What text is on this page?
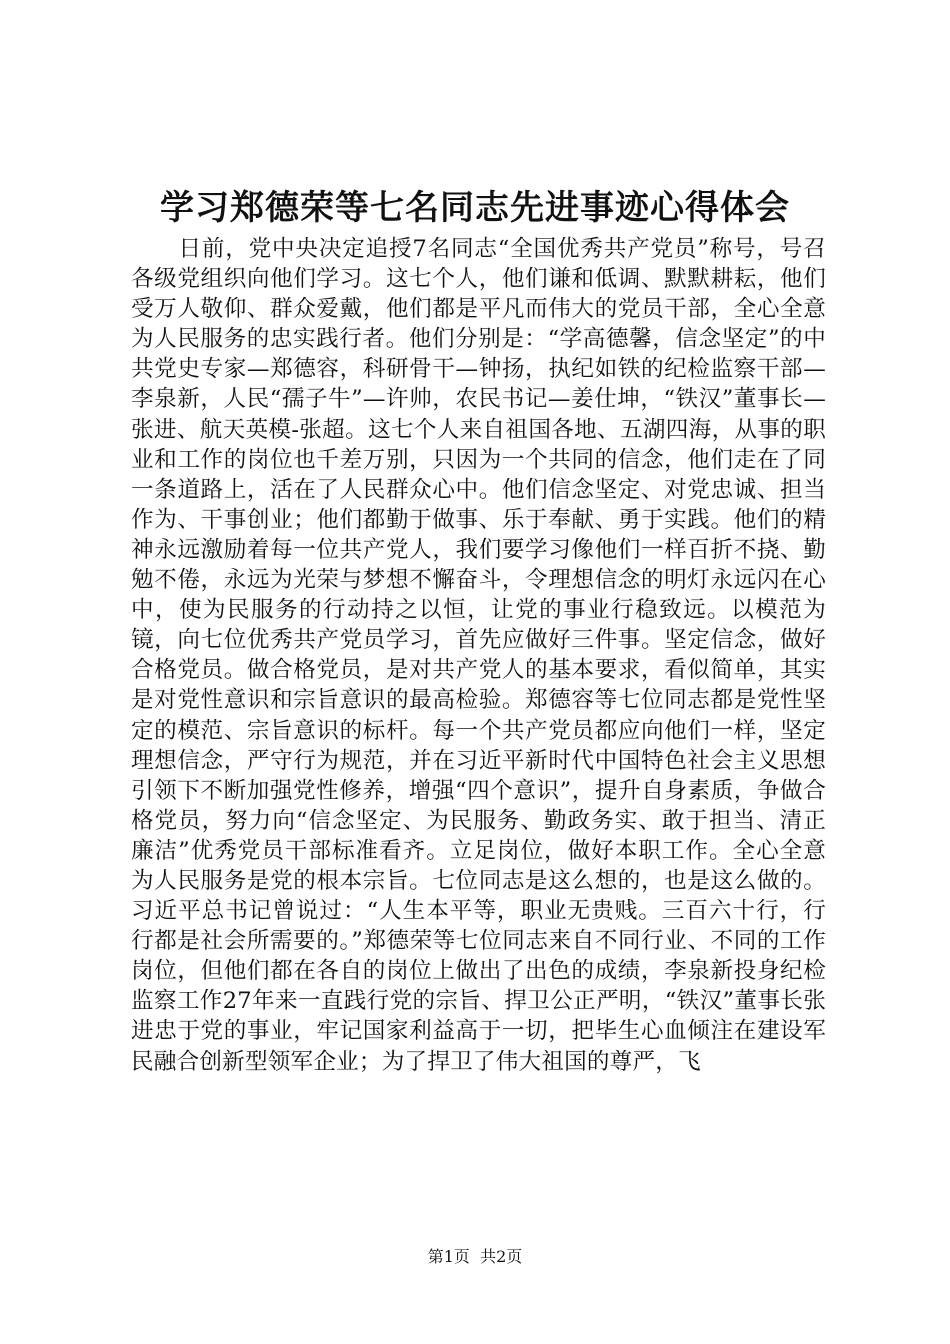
学习郑德荣等七名同志先进事迹心得体会

日前，党中央决定追授7名同志“全国优秀共产党员”称号，号召各级党组织向他们学习。这七个人，他们谦和低调、默默耕耘，他们受万人敬仰、群众爱戴，他们都是平凡而伟大的党员干部，全心全意为人民服务的忠实践行者。他们分别是：“学高德馨，信念坚定”的中共党史专家—郑德容，科研骨干—钟扬，执纪如铁的纪检监察干部—李泉新，人民“孺子牛”—许帅，农民书记—姜仕坤，“铁汉”董事长—张进、航天英模-张超。这七个人来自祖国各地、五湖四海，从事的职业和工作的岗位也千差万别，只因为一个共同的信念，他们走在了同一条道路上，活在了人民群众心中。他们信念坚定、对党忠诚、担当作为、干事创业；他们都勤于做事、乐于奉献、勇于实践。他们的精神永远激励着每一位共产党人，我们要学习像他们一样百折不挠、勤勉不倦，永远为光荣与梦想不懈奋斗，令理想信念的明灯永远闪在心中，使为民服务的行动持之以恒，让党的事业行稳致远。以模范为镜，向七位优秀共产党员学习，首先应做好三件事。坚定信念，做好合格党员。做合格党员，是对共产党人的基本要求，看似简单，其实是对党性意识和宗旨意识的最高检验。郑德容等七位同志都是党性坚定的模范、宗旨意识的标杆。每一个共产党员都应向他们一样，坚定理想信念，严守行为规范，并在习近平新时代中国特色社会主义思想引领下不断加强党性修养，增强“四个意识”，提升自身素质，争做合格党员，努力向“信念坚定、为民服务、勤政务实、敢于担当、清正廉洁”优秀党员干部标准看齐。立足岗位，做好本职工作。全心全意为人民服务是党的根本宗旨。七位同志是这么想的，也是这么做的。习近平总书记曾说过：“人生本平等，职业无贵贱。三百六十行，行行都是社会所需要的。”郑德荣等七位同志来自不同行业、不同的工作岗位，但他们都在各自的岗位上做出了出色的成绩，李泉新投身纪检监察工作27年来一直践行党的宗旨、捍卫公正严明，“铁汉”董事长张进忠于党的事业，牢记国家利益高于一切，把毕生心血倾注在建设军民融合创新型领军企业；为了捍卫了伟大祖国的尊严，飞

第1页 共2页
